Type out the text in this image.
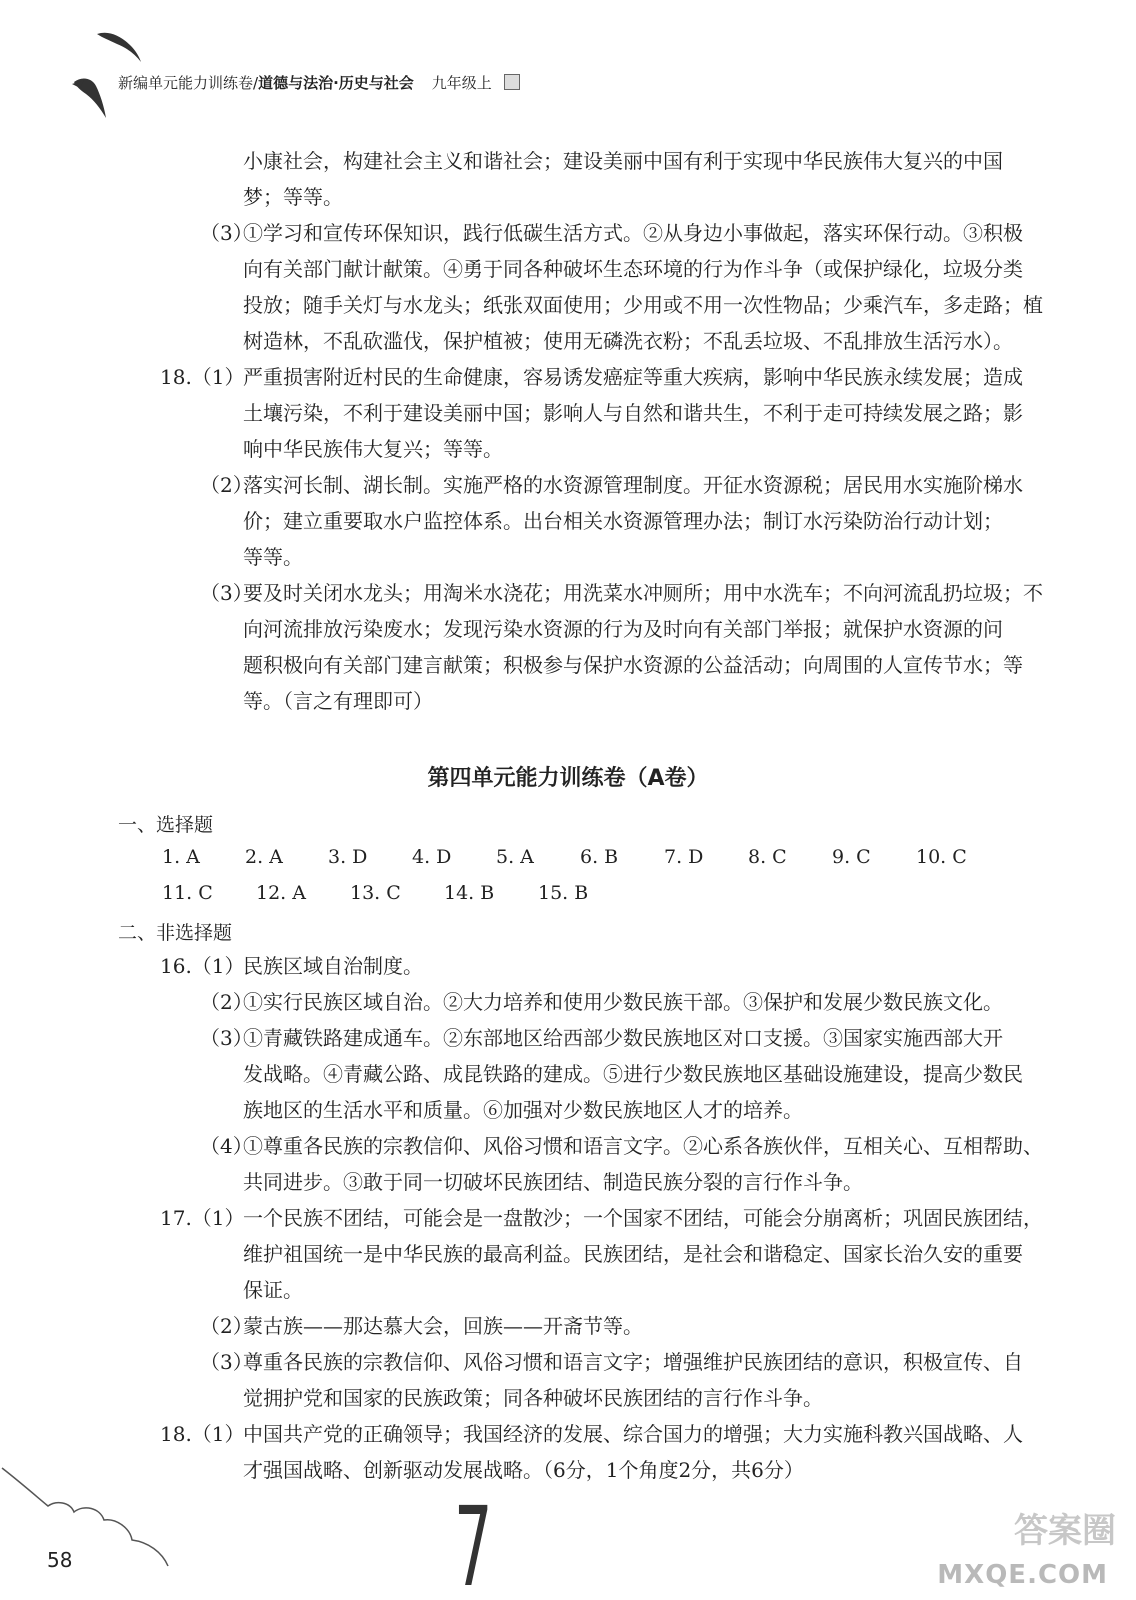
新编单元能力训练卷/道德与法治·历史与社会 九年级上
小康社会，构建社会主义和谐社会；建设美丽中国有利于实现中华民族伟大复兴的中国
梦；等等。
（3）
①学习和宣传环保知识，践行低碳生活方式。②从身边小事做起，落实环保行动。③积极
向有关部门献计献策。④勇于同各种破坏生态环境的行为作斗争（或保护绿化，垃圾分类
投放；随手关灯与水龙头；纸张双面使用；少用或不用一次性物品；少乘汽车，多走路；植
树造林，不乱砍滥伐，保护植被；使用无磷洗衣粉；不乱丢垃圾、不乱排放生活污水）。
18.（1）
严重损害附近村民的生命健康，容易诱发癌症等重大疾病，影响中华民族永续发展；造成
土壤污染，不利于建设美丽中国；影响人与自然和谐共生，不利于走可持续发展之路；影
响中华民族伟大复兴；等等。
（2）
落实河长制、湖长制。实施严格的水资源管理制度。开征水资源税；居民用水实施阶梯水
价；建立重要取水户监控体系。出台相关水资源管理办法；制订水污染防治行动计划；
等等。
（3）
要及时关闭水龙头；用淘米水浇花；用洗菜水冲厕所；用中水洗车；不向河流乱扔垃圾；不
向河流排放污染废水；发现污染水资源的行为及时向有关部门举报；就保护水资源的问
题积极向有关部门建言献策；积极参与保护水资源的公益活动；向周围的人宣传节水；等
等。（言之有理即可）
第四单元能力训练卷（A卷）
一、选择题
1. A 2. A 3. D 4. D 5. A 6. B 7. D 8. C 9. C 10. C
11. C 12. A 13. C 14. B 15. B
二、非选择题
16.（1）
民族区域自治制度。
（2）
①实行民族区域自治。②大力培养和使用少数民族干部。③保护和发展少数民族文化。
（3）
①青藏铁路建成通车。②东部地区给西部少数民族地区对口支援。③国家实施西部大开
发战略。④青藏公路、成昆铁路的建成。⑤进行少数民族地区基础设施建设，提高少数民
族地区的生活水平和质量。⑥加强对少数民族地区人才的培养。
（4）
①尊重各民族的宗教信仰、风俗习惯和语言文字。②心系各族伙伴，互相关心、互相帮助、
共同进步。③敢于同一切破坏民族团结、制造民族分裂的言行作斗争。
17.（1）
一个民族不团结，可能会是一盘散沙；一个国家不团结，可能会分崩离析；巩固民族团结，
维护祖国统一是中华民族的最高利益。民族团结，是社会和谐稳定、国家长治久安的重要
保证。
（2）
蒙古族——那达慕大会，回族——开斋节等。
（3）
尊重各民族的宗教信仰、风俗习惯和语言文字；增强维护民族团结的意识，积极宣传、自
觉拥护党和国家的民族政策；同各种破坏民族团结的言行作斗争。
18.（1）
中国共产党的正确领导；我国经济的发展、综合国力的增强；大力实施科教兴国战略、人
才强国战略、创新驱动发展战略。（6分，1个角度2分，共6分）
7
58
答案圈
MXQE.COM
